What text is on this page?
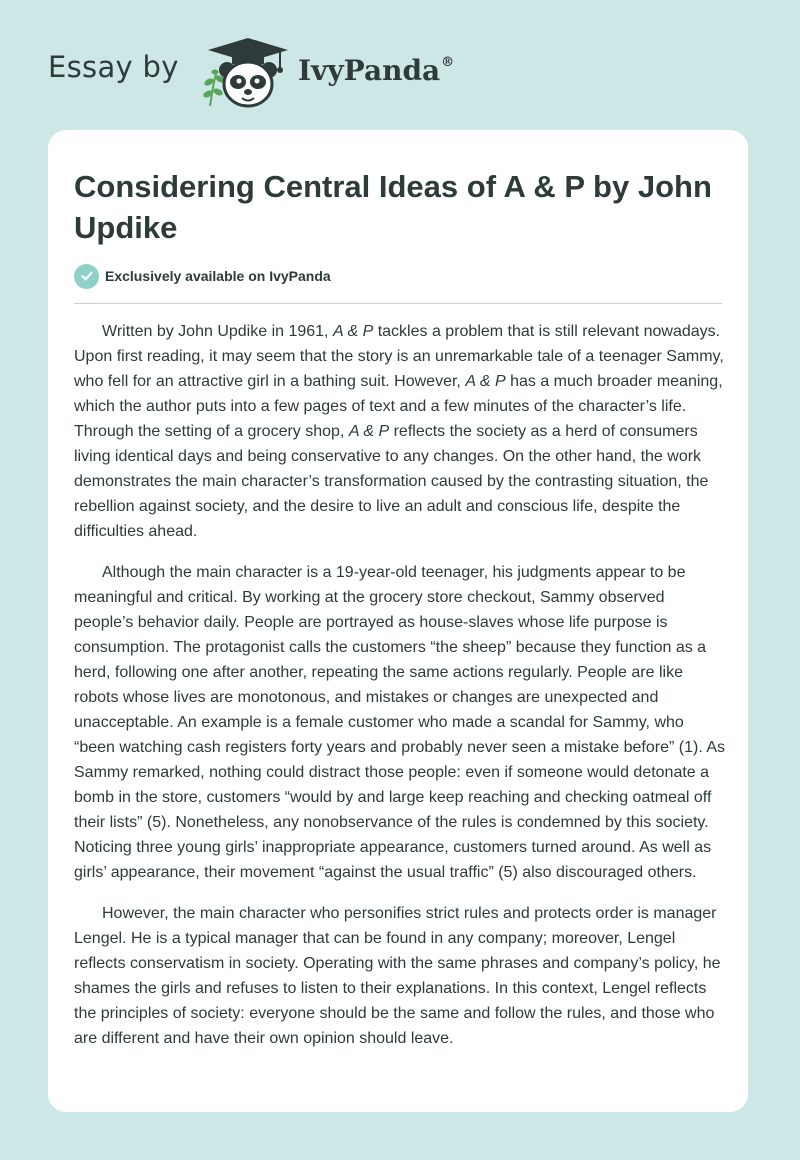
Essay by	IvyPanda®
Considering Central Ideas of A & P by John Updike
Exclusively available on IvyPanda

Written by John Updike in 1961, A & P tackles a problem that is still relevant nowadays. Upon first reading, it may seem that the story is an unremarkable tale of a teenager Sammy, who fell for an attractive girl in a bathing suit. However, A & P has a much broader meaning, which the author puts into a few pages of text and a few minutes of the character’s life. Through the setting of a grocery shop, A & P reflects the society as a herd of consumers living identical days and being conservative to any changes. On the other hand, the work demonstrates the main character’s transformation caused by the contrasting situation, the rebellion against society, and the desire to live an adult and conscious life, despite the difficulties ahead.

Although the main character is a 19-year-old teenager, his judgments appear to be meaningful and critical. By working at the grocery store checkout, Sammy observed people’s behavior daily. People are portrayed as house-slaves whose life purpose is consumption. The protagonist calls the customers “the sheep” because they function as a herd, following one after another, repeating the same actions regularly. People are like robots whose lives are monotonous, and mistakes or changes are unexpected and unacceptable. An example is a female customer who made a scandal for Sammy, who “been watching cash registers forty years and probably never seen a mistake before” (1). As Sammy remarked, nothing could distract those people: even if someone would detonate a bomb in the store, customers “would by and large keep reaching and checking oatmeal off their lists” (5). Nonetheless, any nonobservance of the rules is condemned by this society. Noticing three young girls’ inappropriate appearance, customers turned around. As well as girls’ appearance, their movement “against the usual traffic” (5) also discouraged others.

However, the main character who personifies strict rules and protects order is manager Lengel. He is a typical manager that can be found in any company; moreover, Lengel reflects conservatism in society. Operating with the same phrases and company’s policy, he shames the girls and refuses to listen to their explanations. In this context, Lengel reflects the principles of society: everyone should be the same and follow the rules, and those who are different and have their own opinion should leave.
